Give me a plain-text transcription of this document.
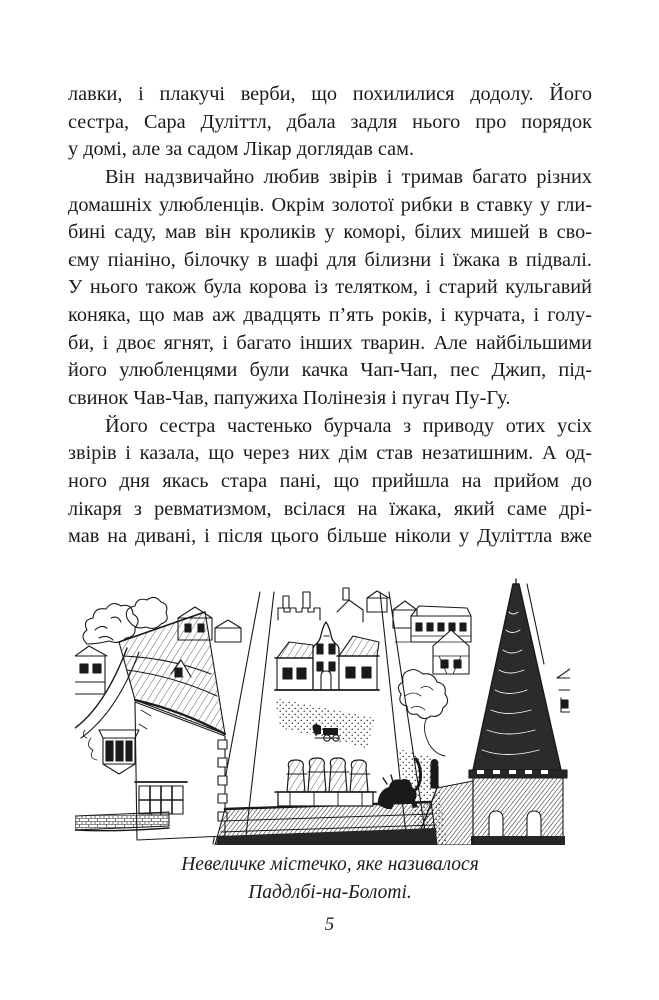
лавки, і плакучі верби, що похилилися додолу. Його
сестра, Сара Дуліттл, дбала задля нього про порядок
у домі, але за садом Лікар доглядав сам.
Він надзвичайно любив звірів і тримав багато різних
домашніх улюбленців. Окрім золотої рибки в ставку у гли-
бині саду, мав він кроликів у коморі, білих мишей в сво-
єму піаніно, білочку в шафі для білизни і їжака в підвалі.
У нього також була корова із телятком, і старий кульгавий
коняка, що мав аж двадцять п’ять років, і курчата, і голу-
би, і двоє ягнят, і багато інших тварин. Але найбільшими
його улюбленцями були качка Чап-Чап, пес Джип, під-
свинок Чав-Чав, папужиха Полінезія і пугач Пу-Гу.
Його сестра частенько бурчала з приводу отих усіх
звірів і казала, що через них дім став незатишним. А од-
ного дня якась стара пані, що прийшла на прийом до
лікаря з ревматизмом, всілася на їжака, який саме дрі-
мав на дивані, і після цього більше ніколи у Дуліттла вже
Невеличке містечко, яке називалося
Паддлбі-на-Болоті.
5
